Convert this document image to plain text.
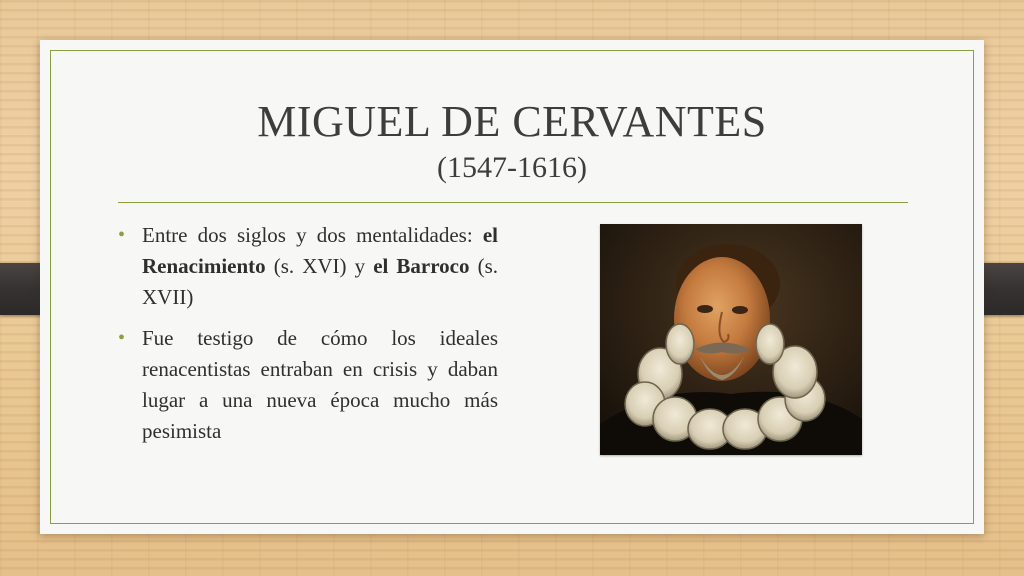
MIGUEL DE CERVANTES
(1547-1616)
• Entre dos siglos y dos mentalidades: el Renacimiento (s. XVI) y el Barroco (s. XVII)
• Fue testigo de cómo los ideales renacentistas entraban en crisis y daban lugar a una nueva época mucho más pesimista
